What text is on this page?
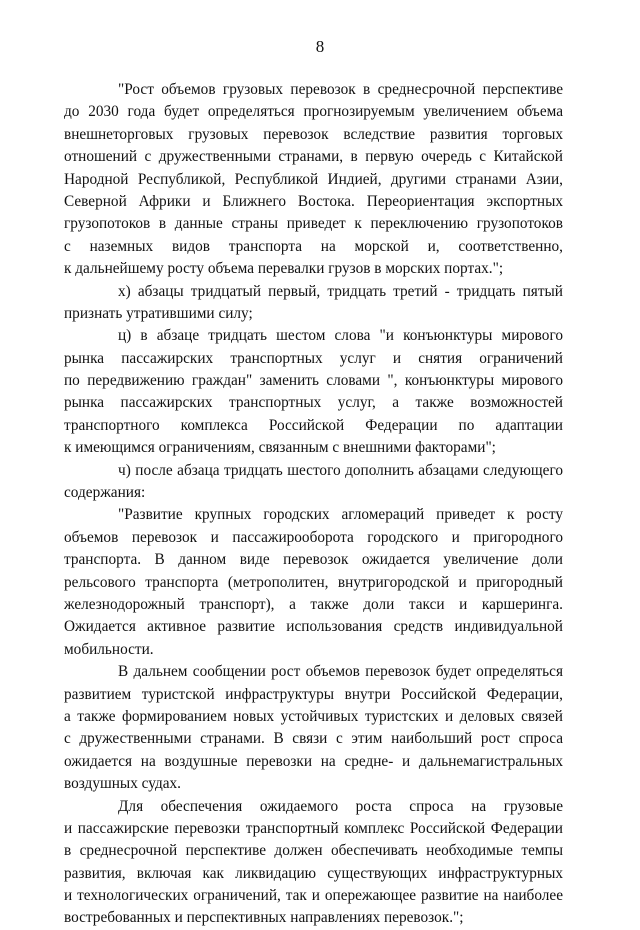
8
"Рост объемов грузовых перевозок в среднесрочной перспективе
до 2030 года будет определяться прогнозируемым увеличением объема
внешнеторговых грузовых перевозок вследствие развития торговых
отношений с дружественными странами, в первую очередь с Китайской
Народной Республикой, Республикой Индией, другими странами Азии,
Северной Африки и Ближнего Востока. Переориентация экспортных
грузопотоков в данные страны приведет к переключению грузопотоков
с наземных видов транспорта на морской и, соответственно,
к дальнейшему росту объема перевалки грузов в морских портах.";
х) абзацы тридцатый первый, тридцать третий - тридцать пятый
признать утратившими силу;
ц) в абзаце тридцать шестом слова "и конъюнктуры мирового
рынка пассажирских транспортных услуг и снятия ограничений
по передвижению граждан" заменить словами ", конъюнктуры мирового
рынка пассажирских транспортных услуг, а также возможностей
транспортного комплекса Российской Федерации по адаптации
к имеющимся ограничениям, связанным с внешними факторами";
ч) после абзаца тридцать шестого дополнить абзацами следующего
содержания:
"Развитие крупных городских агломераций приведет к росту
объемов перевозок и пассажирооборота городского и пригородного
транспорта. В данном виде перевозок ожидается увеличение доли
рельсового транспорта (метрополитен, внутригородской и пригородный
железнодорожный транспорт), а также доли такси и каршеринга.
Ожидается активное развитие использования средств индивидуальной
мобильности.
В дальнем сообщении рост объемов перевозок будет определяться
развитием туристской инфраструктуры внутри Российской Федерации,
а также формированием новых устойчивых туристских и деловых связей
с дружественными странами. В связи с этим наибольший рост спроса
ожидается на воздушные перевозки на средне- и дальнемагистральных
воздушных судах.
Для обеспечения ожидаемого роста спроса на грузовые
и пассажирские перевозки транспортный комплекс Российской Федерации
в среднесрочной перспективе должен обеспечивать необходимые темпы
развития, включая как ликвидацию существующих инфраструктурных
и технологических ограничений, так и опережающее развитие на наиболее
востребованных и перспективных направлениях перевозок.";
